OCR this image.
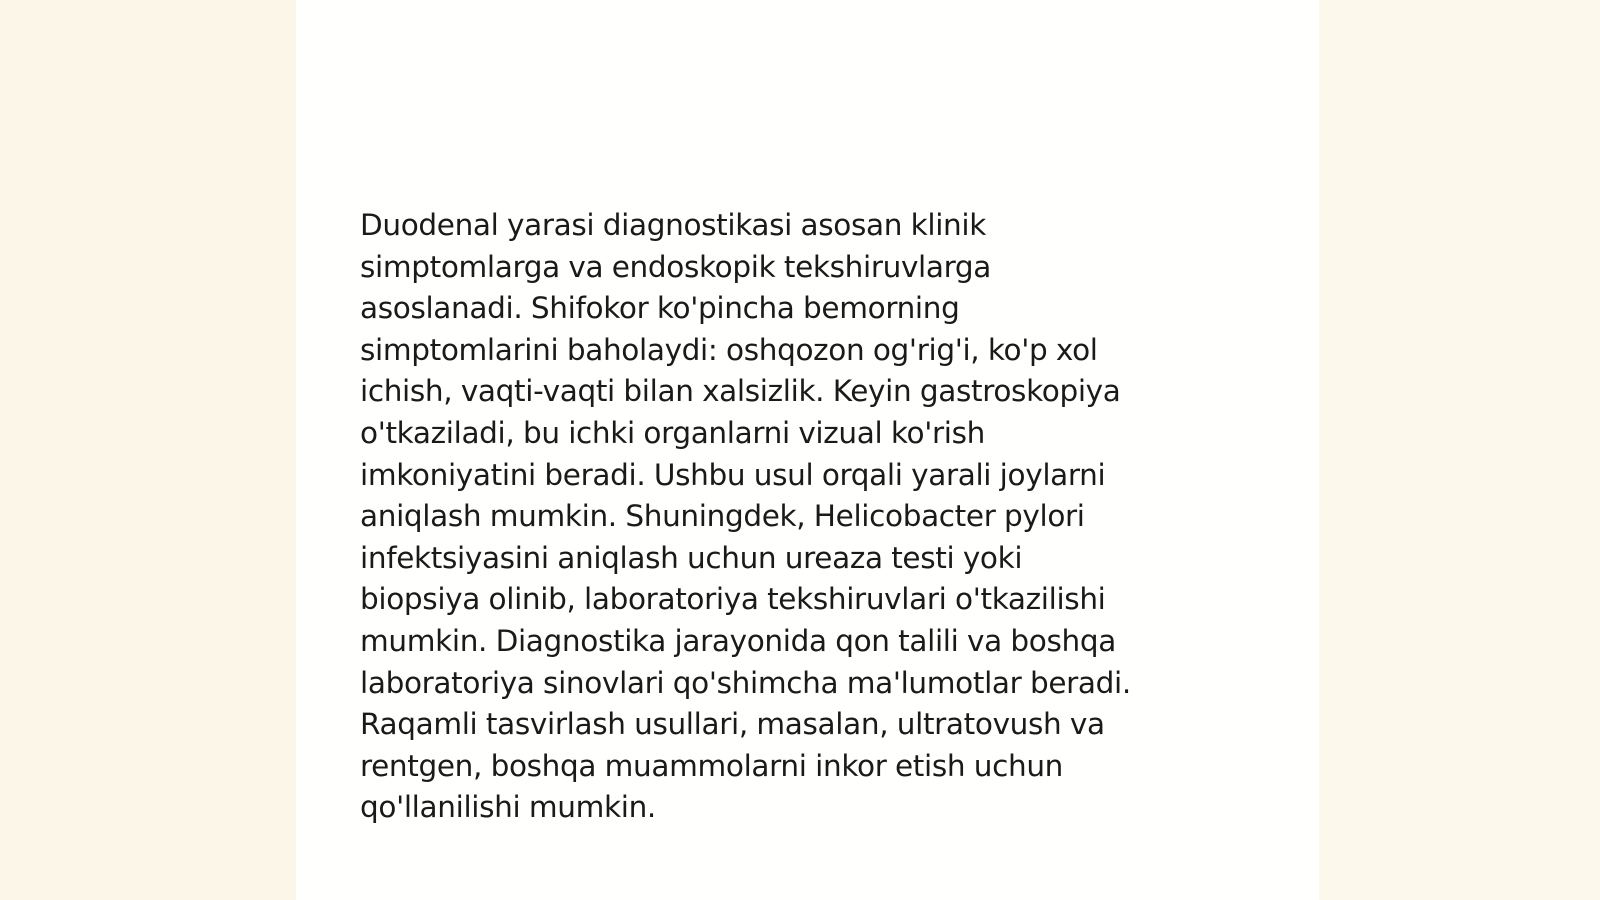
Duodenal yarasi diagnostikasi asosan klinik
simptomlarga va endoskopik tekshiruvlarga
asoslanadi. Shifokor ko'pincha bemorning
simptomlarini baholaydi: oshqozon og'rig'i, ko'p xol
ichish, vaqti-vaqti bilan xalsizlik. Keyin gastroskopiya
o'tkaziladi, bu ichki organlarni vizual ko'rish
imkoniyatini beradi. Ushbu usul orqali yarali joylarni
aniqlash mumkin. Shuningdek, Helicobacter pylori
infektsiyasini aniqlash uchun ureaza testi yoki
biopsiya olinib, laboratoriya tekshiruvlari o'tkazilishi
mumkin. Diagnostika jarayonida qon talili va boshqa
laboratoriya sinovlari qo'shimcha ma'lumotlar beradi.
Raqamli tasvirlash usullari, masalan, ultratovush va
rentgen, boshqa muammolarni inkor etish uchun
qo'llanilishi mumkin.
